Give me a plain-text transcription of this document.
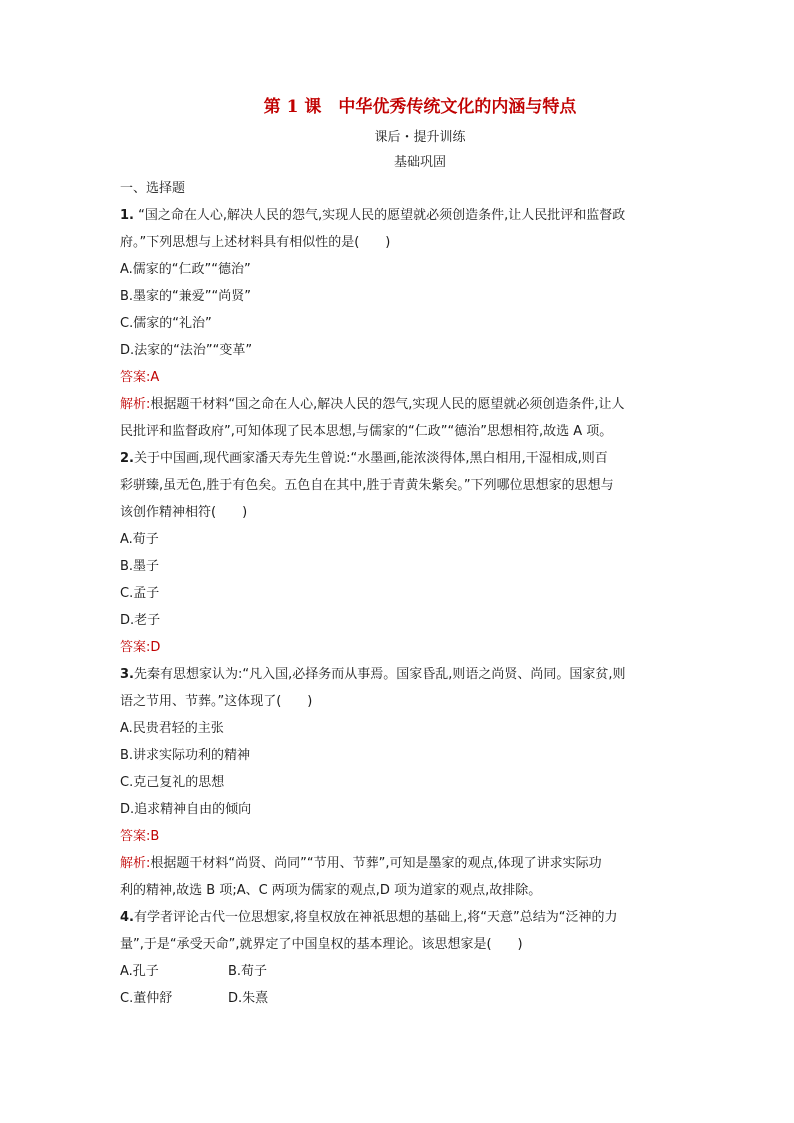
第 1 课　中华优秀传统文化的内涵与特点
课后・提升训练
基础巩固
一、选择题
1. “国之命在人心,解决人民的怨气,实现人民的愿望就必须创造条件,让人民批评和监督政
府。”下列思想与上述材料具有相似性的是(　　)
A.儒家的“仁政”“德治”
B.墨家的“兼爱”“尚贤”
C.儒家的“礼治”
D.法家的“法治”“变革”
答案:A
解析:根据题干材料“国之命在人心,解决人民的怨气,实现人民的愿望就必须创造条件,让人
民批评和监督政府”,可知体现了民本思想,与儒家的“仁政”“德治”思想相符,故选 A 项。
2.关于中国画,现代画家潘天寿先生曾说:“水墨画,能浓淡得体,黑白相用,干湿相成,则百
彩骈臻,虽无色,胜于有色矣。五色自在其中,胜于青黄朱紫矣。”下列哪位思想家的思想与
该创作精神相符(　　)
A.荀子
B.墨子
C.孟子
D.老子
答案:D
3.先秦有思想家认为:“凡入国,必择务而从事焉。国家昏乱,则语之尚贤、尚同。国家贫,则
语之节用、节葬。”这体现了(　　)
A.民贵君轻的主张
B.讲求实际功利的精神
C.克己复礼的思想
D.追求精神自由的倾向
答案:B
解析:根据题干材料“尚贤、尚同”“节用、节葬”,可知是墨家的观点,体现了讲求实际功
利的精神,故选 B 项;A、C 两项为儒家的观点,D 项为道家的观点,故排除。
4.有学者评论古代一位思想家,将皇权放在神祇思想的基础上,将“天意”总结为“泛神的力
量”,于是“承受天命”,就界定了中国皇权的基本理论。该思想家是(　　)
A.孔子	B.荀子
C.董仲舒	D.朱熹
